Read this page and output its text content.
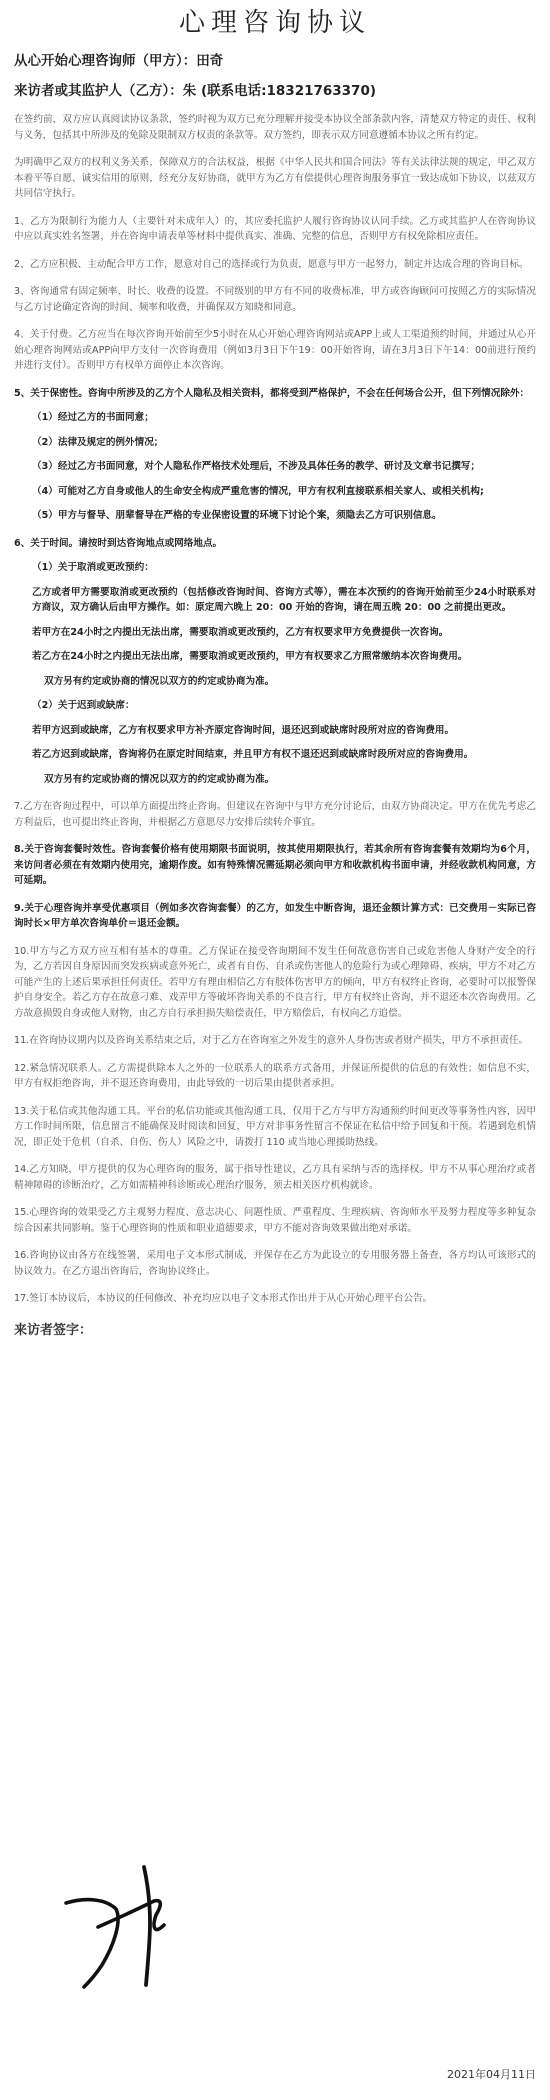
心理咨询协议
从心开始心理咨询师（甲方）：田奇
来访者或其监护人（乙方）：朱 (联系电话:18321763370)

在签约前，双方应认真阅读协议条款，签约时视为双方已充分理解并接受本协议全部条款内容，清楚双方特定的责任、权利与义务，包括其中所涉及的免除及限制双方权责的条款等。双方签约，即表示双方同意遵循本协议之所有约定。

为明确甲乙双方的权利义务关系，保障双方的合法权益，根据《中华人民共和国合同法》等有关法律法规的规定，甲乙双方本着平等自愿、诚实信用的原则，经充分友好协商，就甲方为乙方有偿提供心理咨询服务事宜一致达成如下协议，以兹双方共同信守执行。

1、乙方为限制行为能力人（主要针对未成年人）的，其应委托监护人履行咨询协议认同手续。乙方或其监护人在咨询协议中应以真实姓名签署，并在咨询申请表单等材料中提供真实、准确、完整的信息，否则甲方有权免除相应责任。

2、乙方应积极、主动配合甲方工作，愿意对自己的选择或行为负责，愿意与甲方一起努力，制定并达成合理的咨询目标。

3、咨询通常有固定频率、时长、收费的设置。不同级别的甲方有不同的收费标准，甲方或咨询顾问可按照乙方的实际情况与乙方讨论确定咨询的时间、频率和收费，并确保双方知晓和同意。

4、关于付费。乙方应当在每次咨询开始前至少5小时在从心开始心理咨询网站或APP上或人工渠道预约时间，并通过从心开始心理咨询网站或APP向甲方支付一次咨询费用（例如3月3日下午19：00开始咨询，请在3月3日下午14：00前进行预约并进行支付）。否则甲方有权单方面停止本次咨询。

5、关于保密性。咨询中所涉及的乙方个人隐私及相关资料，都将受到严格保护，不会在任何场合公开，但下列情况除外：

（1）经过乙方的书面同意；
（2）法律及规定的例外情况；
（3）经过乙方书面同意，对个人隐私作严格技术处理后，不涉及具体任务的教学、研讨及文章书记撰写；
（4）可能对乙方自身或他人的生命安全构成严重危害的情况，甲方有权利直接联系相关家人、或相关机构;
（5）甲方与督导、朋辈督导在严格的专业保密设置的环境下讨论个案，须隐去乙方可识别信息。

6、关于时间。请按时到达咨询地点或网络地点。

（1）关于取消或更改预约：
乙方或者甲方需要取消或更改预约（包括修改咨询时间、咨询方式等），需在本次预约的咨询开始前至少24小时联系对方商议，双方确认后由甲方操作。如：原定周六晚上 20：00 开始的咨询，请在周五晚 20：00 之前提出更改。
若甲方在24小时之内提出无法出席，需要取消或更改预约，乙方有权要求甲方免费提供一次咨询。
若乙方在24小时之内提出无法出席，需要取消或更改预约，甲方有权要求乙方照常缴纳本次咨询费用。
双方另有约定或协商的情况以双方的约定或协商为准。
（2）关于迟到或缺席：
若甲方迟到或缺席，乙方有权要求甲方补齐原定咨询时间，退还迟到或缺席时段所对应的咨询费用。
若乙方迟到或缺席，咨询将仍在原定时间结束，并且甲方有权不退还迟到或缺席时段所对应的咨询费用。
双方另有约定或协商的情况以双方的约定或协商为准。

7.乙方在咨询过程中，可以单方面提出终止咨询。但建议在咨询中与甲方充分讨论后，由双方协商决定。甲方在优先考虑乙方利益后，也可提出终止咨询，并根据乙方意愿尽力安排后续转介事宜。

8.关于咨询套餐时效性。咨询套餐价格有使用期限书面说明，按其使用期限执行，若其余所有咨询套餐有效期均为6个月，来访问者必须在有效期内使用完，逾期作废。如有特殊情况需延期必须向甲方和收款机构书面申请，并经收款机构同意，方可延期。

9.关于心理咨询并享受优惠项目（例如多次咨询套餐）的乙方，如发生中断咨询，退还金额计算方式：已交费用－实际已咨询时长×甲方单次咨询单价＝退还金额。

10.甲方与乙方双方应互相有基本的尊重。乙方保证在接受咨询期间不发生任何故意伤害自己或危害他人身财产安全的行为，乙方若因自身原因而突发疾病或意外死亡，或者有自伤、自杀或伤害他人的危险行为或心理障碍、疾病，甲方不对乙方可能产生的上述后果承担任何责任。若甲方有理由相信乙方有肢体伤害甲方的倾向，甲方有权终止咨询，必要时可以报警保护自身安全。若乙方存在故意刁难、戏弄甲方等破坏咨询关系的不良言行，甲方有权终止咨询，并不退还本次咨询费用。乙方故意损毁自身或他人财物，由乙方自行承担损失赔偿责任，甲方赔偿后，有权向乙方追偿。

11.在咨询协议期内以及咨询关系结束之后，对于乙方在咨询室之外发生的意外人身伤害或者财产损失，甲方不承担责任。

12.紧急情况联系人。乙方需提供除本人之外的一位联系人的联系方式备用，并保证所提供的信息的有效性；如信息不实，甲方有权拒绝咨询，并不退还咨询费用，由此导致的一切后果由提供者承担。

13.关于私信或其他沟通工具。平台的私信功能或其他沟通工具，仅用于乙方与甲方沟通预约时间更改等事务性内容，因甲方工作时间所限，信息留言不能确保及时阅读和回复，甲方对非事务性留言不保证在私信中给予回复和干预。若遇到危机情况，即正处于危机（自杀、自伤、伤人）风险之中，请拨打 110 或当地心理援助热线。

14.乙方知晓，甲方提供的仅为心理咨询的服务，属于指导性建议，乙方具有采纳与否的选择权。甲方不从事心理治疗或者精神障碍的诊断治疗，乙方如需精神科诊断或心理治疗服务，须去相关医疗机构就诊。

15.心理咨询的效果受乙方主观努力程度、意志决心、问题性质、严重程度、生理疾病、咨询师水平及努力程度等多种复杂综合因素共同影响。鉴于心理咨询的性质和职业道德要求，甲方不能对咨询效果做出绝对承诺。

16.咨询协议由各方在线签署，采用电子文本形式制成，并保存在乙方为此设立的专用服务器上备查，各方均认可该形式的协议效力。在乙方退出咨询后，咨询协议终止。

17.签订本协议后，本协议的任何修改、补充均应以电子文本形式作出并于从心开始心理平台公告。

来访者签字：
2021年04月11日
